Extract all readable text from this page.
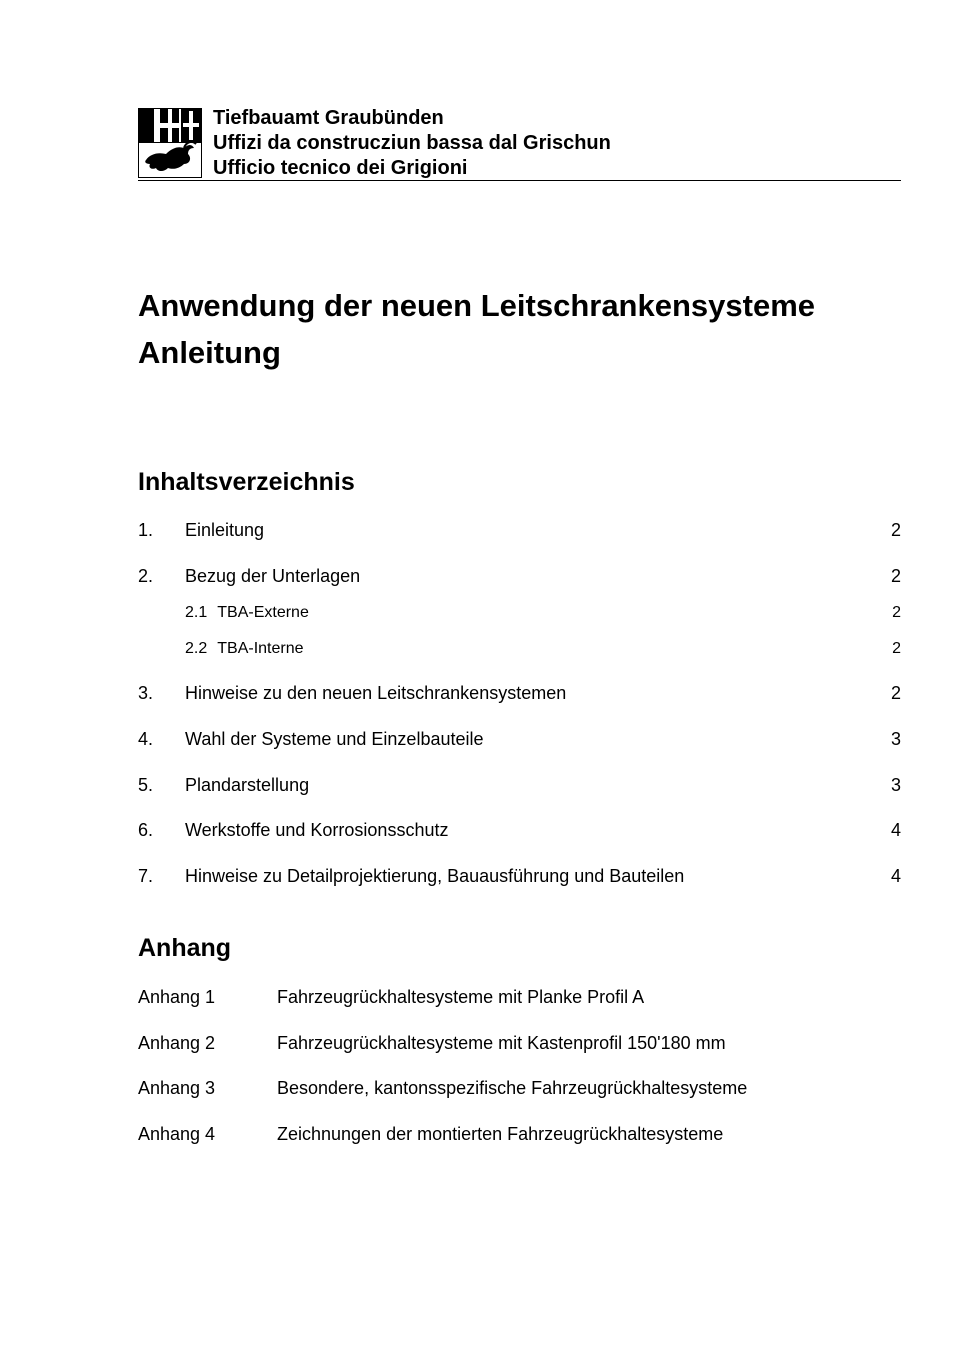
Tiefbauamt Graubünden
Uffizi da construcziun bassa dal Grischun
Ufficio tecnico dei Grigioni
Anwendung der neuen Leitschrankensysteme
Anleitung
Inhaltsverzeichnis
1. Einleitung	2
2. Bezug der Unterlagen	2
2.1 TBA-Externe	2
2.2 TBA-Interne	2
3. Hinweise zu den neuen Leitschrankensystemen	2
4. Wahl der Systeme und Einzelbauteile	3
5. Plandarstellung	3
6. Werkstoffe und Korrosionsschutz	4
7. Hinweise zu Detailprojektierung, Bauausführung und Bauteilen	4
Anhang
Anhang 1	Fahrzeugrückhaltesysteme mit Planke Profil A
Anhang 2	Fahrzeugrückhaltesysteme mit Kastenprofil 150'180 mm
Anhang 3	Besondere, kantonsspezifische Fahrzeugrückhaltesysteme
Anhang 4	Zeichnungen der montierten Fahrzeugrückhaltesysteme
